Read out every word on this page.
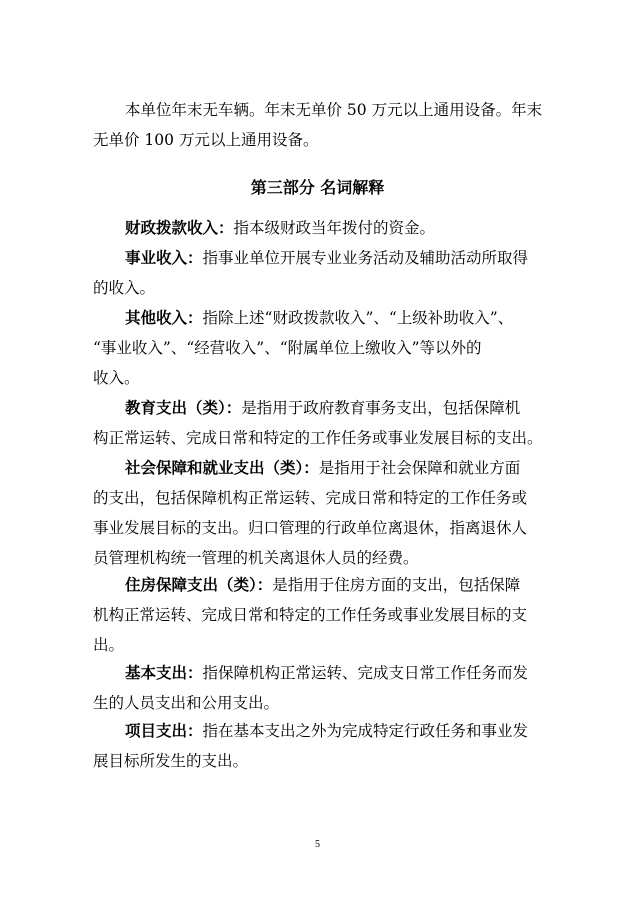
本单位年末无车辆。年末无单价 50 万元以上通用设备。年末
无单价 100 万元以上通用设备。

第三部分 名词解释

财政拨款收入：指本级财政当年拨付的资金。

事业收入：指事业单位开展专业业务活动及辅助活动所取得
的收入。

其他收入：指除上述“财政拨款收入”、“上级补助收入”、
“事业收入”、“经营收入”、“附属单位上缴收入”等以外的
收入。

教育支出（类）：是指用于政府教育事务支出，包括保障机
构正常运转、完成日常和特定的工作任务或事业发展目标的支出。

社会保障和就业支出（类）：是指用于社会保障和就业方面
的支出，包括保障机构正常运转、完成日常和特定的工作任务或
事业发展目标的支出。归口管理的行政单位离退休，指离退休人
员管理机构统一管理的机关离退休人员的经费。

住房保障支出（类）：是指用于住房方面的支出，包括保障
机构正常运转、完成日常和特定的工作任务或事业发展目标的支
出。

基本支出：指保障机构正常运转、完成支日常工作任务而发
生的人员支出和公用支出。

项目支出：指在基本支出之外为完成特定行政任务和事业发
展目标所发生的支出。

5
